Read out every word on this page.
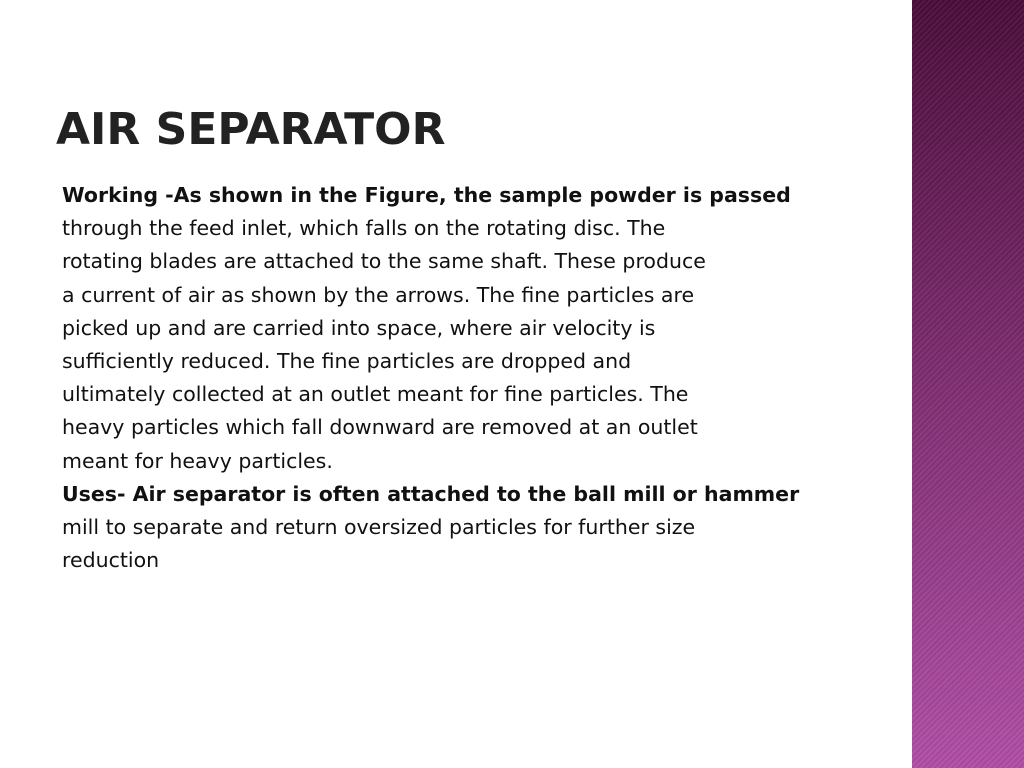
AIR SEPARATOR
Working -As shown in the Figure, the sample powder is passed
through the feed inlet, which falls on the rotating disc. The
rotating blades are attached to the same shaft. These produce
a current of air as shown by the arrows. The fine particles are
picked up and are carried into space, where air velocity is
sufficiently reduced. The fine particles are dropped and
ultimately collected at an outlet meant for fine particles. The
heavy particles which fall downward are removed at an outlet
meant for heavy particles.
Uses- Air separator is often attached to the ball mill or hammer
mill to separate and return oversized particles for further size
reduction
